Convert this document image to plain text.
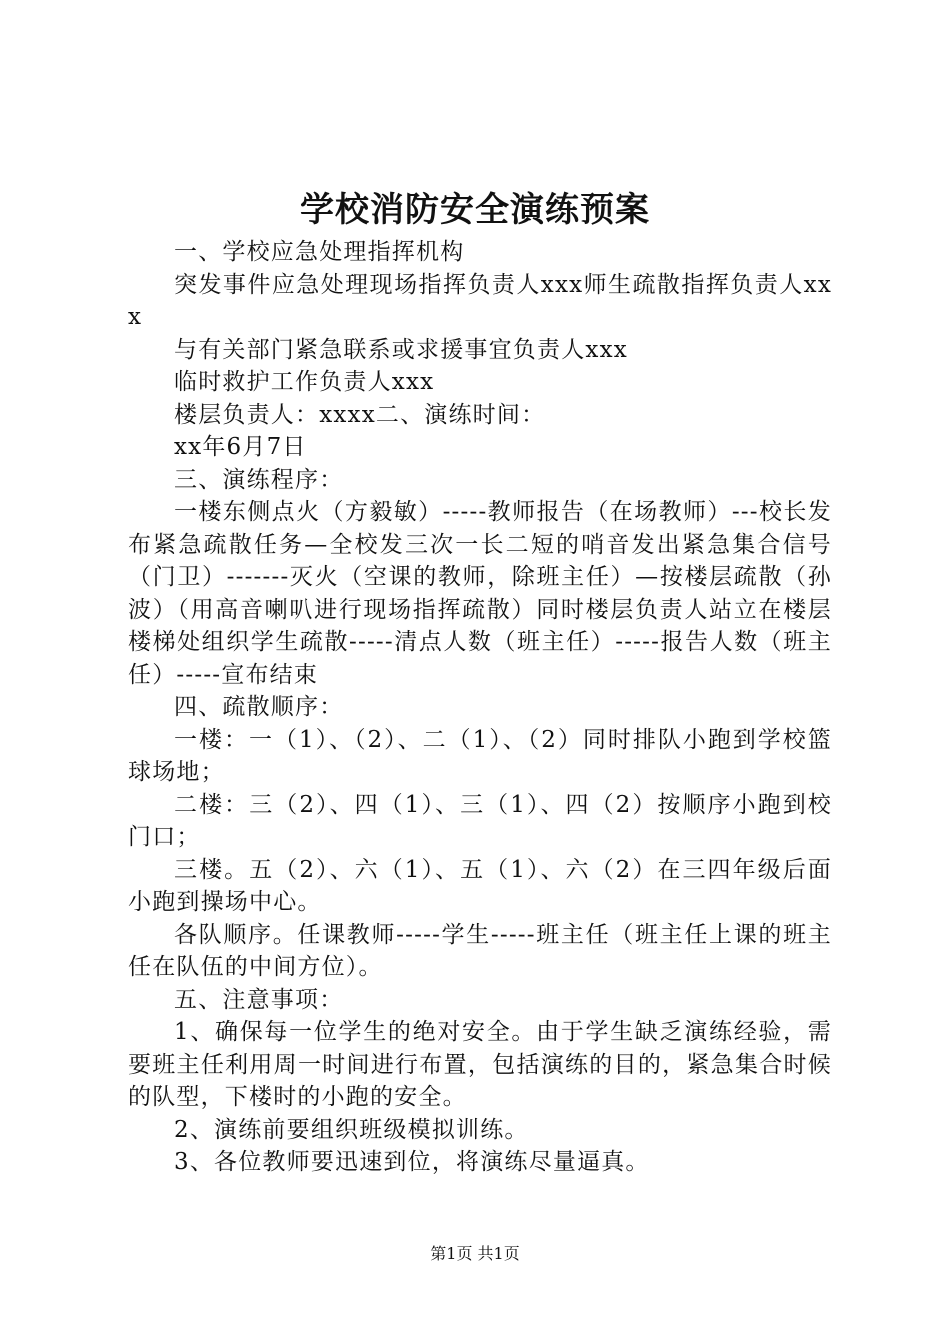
学校消防安全演练预案

一、学校应急处理指挥机构

突发事件应急处理现场指挥负责人xxx师生疏散指挥负责人xxx

与有关部门紧急联系或求援事宜负责人xxx

临时救护工作负责人xxx

楼层负责人：xxxx二、演练时间：

xx年6月7日

三、演练程序：

一楼东侧点火（方毅敏）-----教师报告（在场教师）---校长发布紧急疏散任务—全校发三次一长二短的哨音发出紧急集合信号（门卫）-------灭火（空课的教师，除班主任）—按楼层疏散（孙波）（用高音喇叭进行现场指挥疏散）同时楼层负责人站立在楼层楼梯处组织学生疏散-----清点人数（班主任）-----报告人数（班主任）-----宣布结束

四、疏散顺序：

一楼：一（1）、（2）、二（1）、（2）同时排队小跑到学校篮球场地；

二楼：三（2）、四（1）、三（1）、四（2）按顺序小跑到校门口；

三楼。五（2）、六（1）、五（1）、六（2）在三四年级后面小跑到操场中心。

各队顺序。任课教师-----学生-----班主任（班主任上课的班主任在队伍的中间方位）。

五、注意事项：

1、确保每一位学生的绝对安全。由于学生缺乏演练经验，需要班主任利用周一时间进行布置，包括演练的目的，紧急集合时候的队型，下楼时的小跑的安全。

2、演练前要组织班级模拟训练。

3、各位教师要迅速到位，将演练尽量逼真。

第1页 共1页
